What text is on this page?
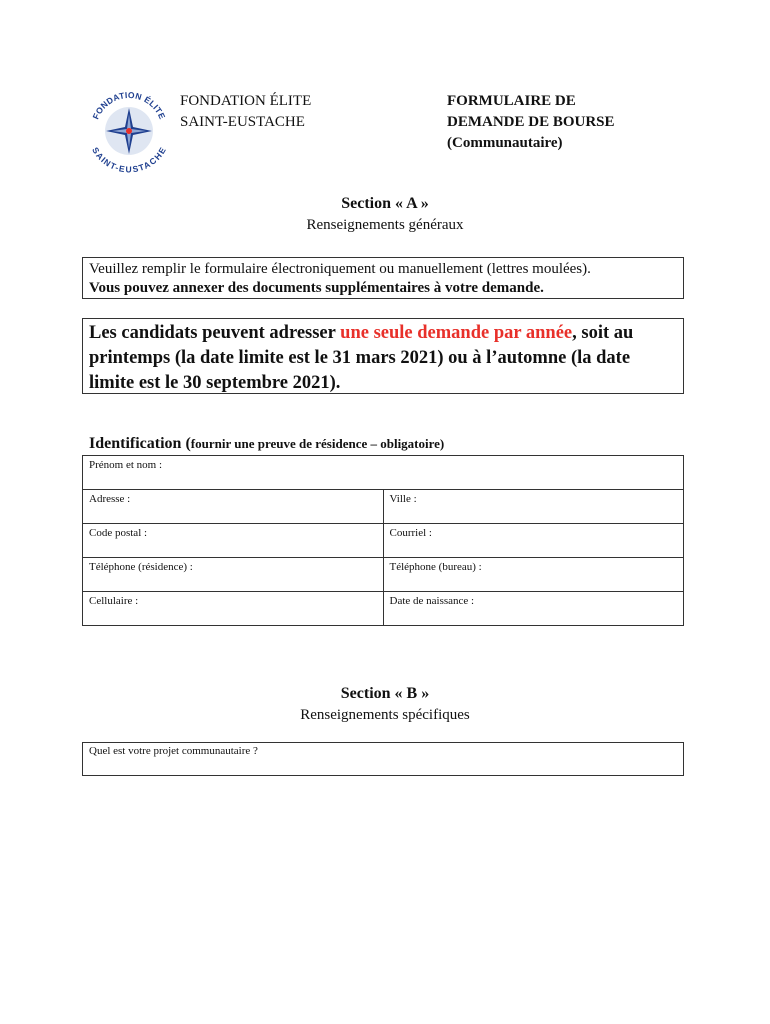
FONDATION ÉLITE
SAINT-EUSTACHE
FONDATION ÉLITE
SAINT-EUSTACHE
FORMULAIRE DE
DEMANDE DE BOURSE
(Communautaire)
Section « A »
Renseignements généraux
Veuillez remplir le formulaire électroniquement ou manuellement (lettres moulées).
Vous pouvez annexer des documents supplémentaires à votre demande.
Les candidats peuvent adresser une seule demande par année, soit au printemps (la date limite est le 31 mars 2021) ou à l’automne (la date limite est le 30 septembre 2021).
Identification (fournir une preuve de résidence – obligatoire)
Prénom et nom :	
Adresse :	Ville :
Code postal :	Courriel :
Téléphone (résidence) :	Téléphone (bureau) :
Cellulaire :	Date de naissance :
Section « B »
Renseignements spécifiques
Quel est votre projet communautaire ?
